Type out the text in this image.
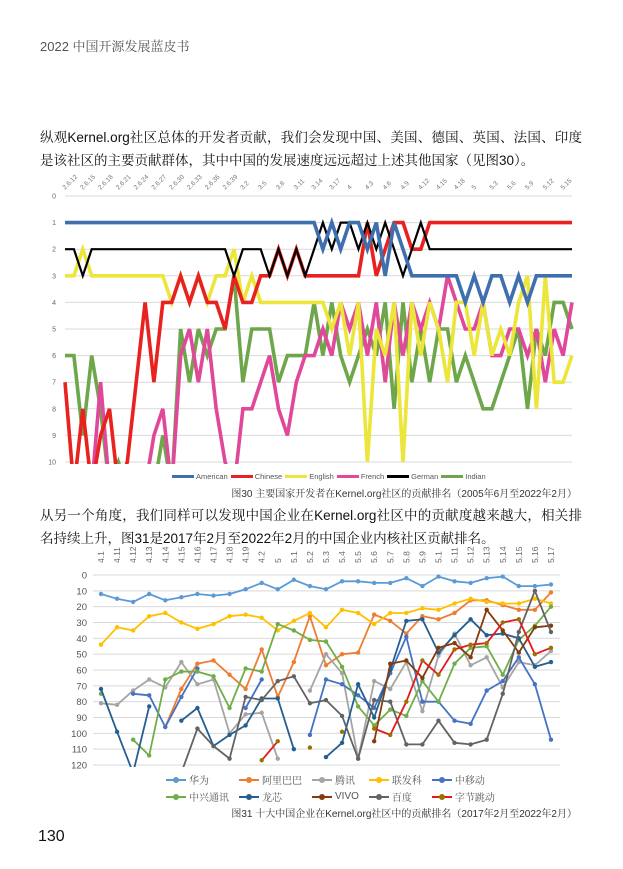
2022 中国开源发展蓝皮书
纵观Kernel.org社区总体的开发者贡献，我们会发现中国、美国、德国、英国、法国、印度是该社区的主要贡献群体，其中中国的发展速度远远超过上述其他国家（见图30）。
0
1
2
3
4
5
6
7
8
9
10
2.6.12 2.6.15 2.6.18 2.6.21 2.6.24 2.6.27 2.6.30 2.6.33 2.6.36 2.6.39 3.2 3.5 3.8 3.11 3.14 3.17 4 4.3 4.6 4.9 4.12 4.15 4.18 5 5.3 5.6 5.9 5.12 5.15
American	Chinese	English	French	German	Indian
图30 主要国家开发者在Kernel.org社区的贡献排名（2005年6月至2022年2月）
从另一个角度，我们同样可以发现中国企业在Kernel.org社区中的贡献度越来越大，相关排名持续上升，图31是2017年2月至2022年2月的中国企业内核社区贡献排名。
0
10
20
30
40
50
60
70
80
90
100
110
120
4.1 4.11 4.12 4.13 4.14 4.15 4.16 4.17 4.18 4.19 4.2 5 5.1 5.2 5.3 5.4 5.5 5.6 5.7 5.8 5.9 5.1 5.11 5.12 5.13 5.14 5.15 5.16 5.17
华为	阿里巴巴	腾讯	联发科	中移动
中兴通讯	龙芯	VIVO	百度	字节跳动
图31 十大中国企业在Kernel.org社区中的贡献排名（2017年2月至2022年2月）
130
